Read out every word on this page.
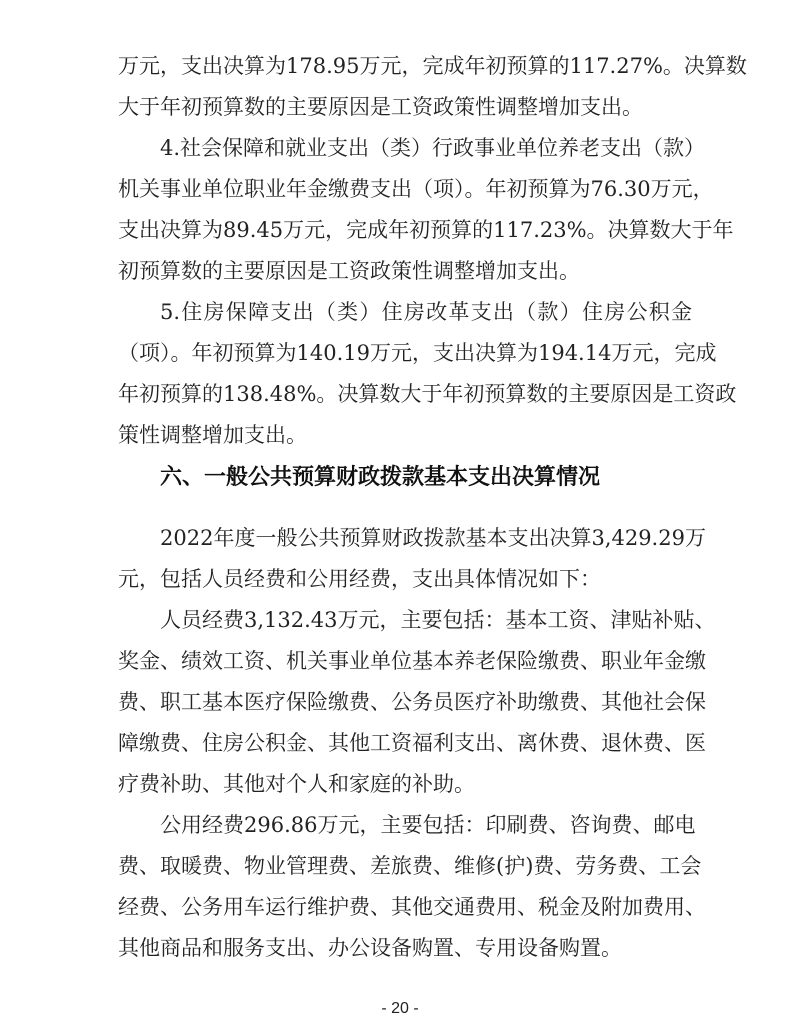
万元，支出决算为178.95万元，完成年初预算的117.27%。决算数
大于年初预算数的主要原因是工资政策性调整增加支出。
4.社会保障和就业支出（类）行政事业单位养老支出（款）
机关事业单位职业年金缴费支出（项）。年初预算为76.30万元，
支出决算为89.45万元，完成年初预算的117.23%。决算数大于年
初预算数的主要原因是工资政策性调整增加支出。
5.住房保障支出（类）住房改革支出（款）住房公积金
（项）。年初预算为140.19万元，支出决算为194.14万元，完成
年初预算的138.48%。决算数大于年初预算数的主要原因是工资政
策性调整增加支出。
六、一般公共预算财政拨款基本支出决算情况
2022年度一般公共预算财政拨款基本支出决算3,429.29万
元，包括人员经费和公用经费，支出具体情况如下：
人员经费3,132.43万元，主要包括：基本工资、津贴补贴、
奖金、绩效工资、机关事业单位基本养老保险缴费、职业年金缴
费、职工基本医疗保险缴费、公务员医疗补助缴费、其他社会保
障缴费、住房公积金、其他工资福利支出、离休费、退休费、医
疗费补助、其他对个人和家庭的补助。
公用经费296.86万元，主要包括：印刷费、咨询费、邮电
费、取暖费、物业管理费、差旅费、维修(护)费、劳务费、工会
经费、公务用车运行维护费、其他交通费用、税金及附加费用、
其他商品和服务支出、办公设备购置、专用设备购置。
- 20 -
